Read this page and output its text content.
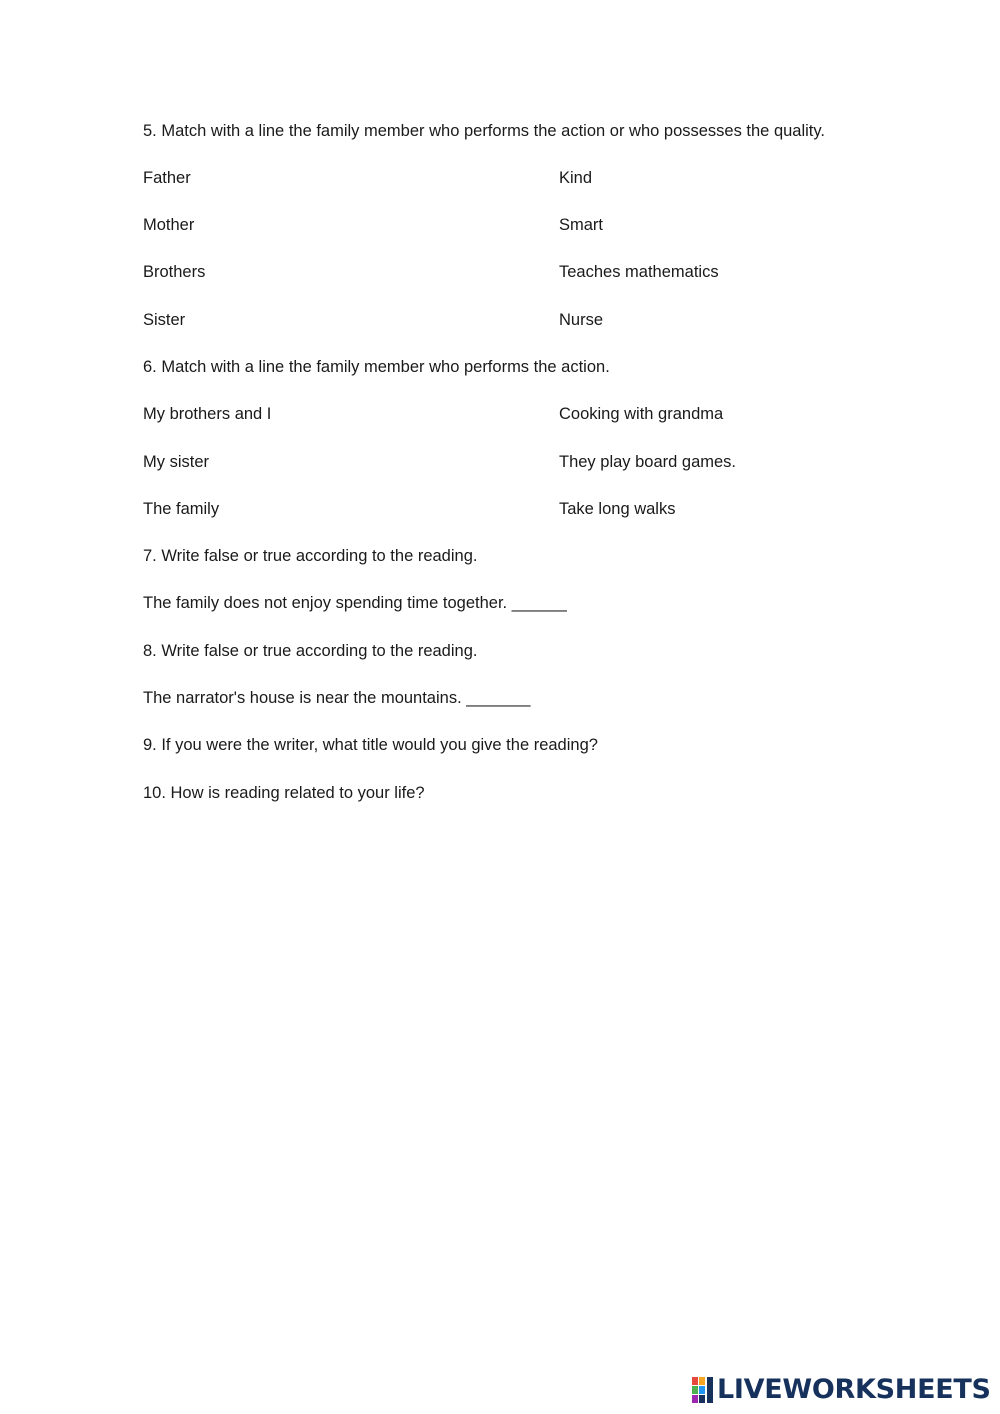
5. Match with a line the family member who performs the action or who possesses the quality.
Father	Kind
Mother	Smart
Brothers	Teaches mathematics
Sister	Nurse
6. Match with a line the family member who performs the action.
My brothers and I	Cooking with grandma
My sister	They play board games.
The family	Take long walks
7. Write false or true according to the reading.
The family does not enjoy spending time together. ______
8. Write false or true according to the reading.
The narrator's house is near the mountains. _______
9. If you were the writer, what title would you give the reading?
10. How is reading related to your life?
LIVEWORKSHEETS
